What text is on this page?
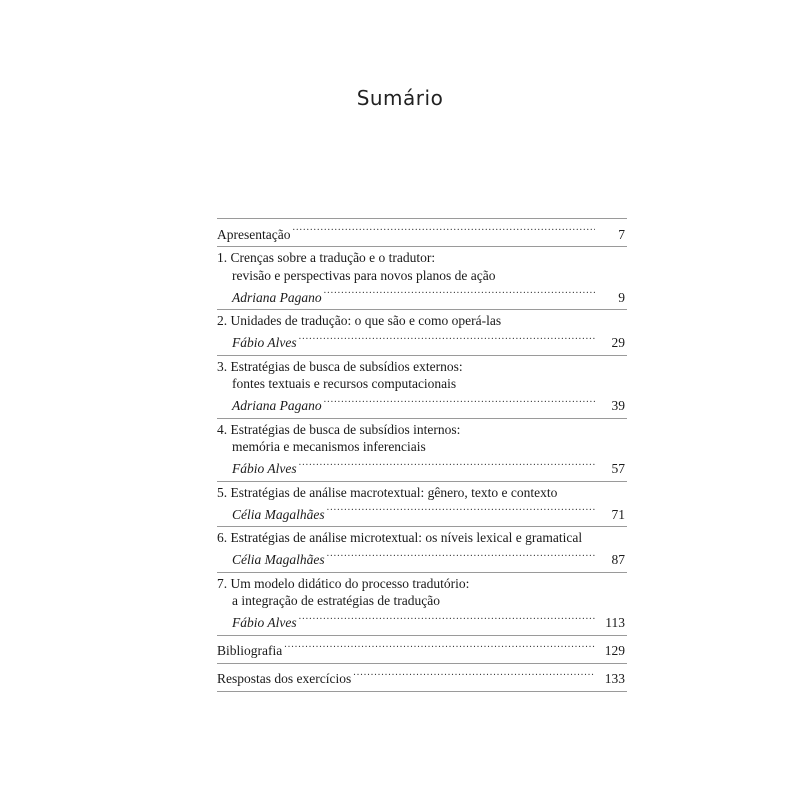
Sumário
Apresentação .....	7
1. Crenças sobre a tradução e o tradutor:
revisão e perspectivas para novos planos de ação
Adriana Pagano .....	9
2. Unidades de tradução: o que são e como operá-las
Fábio Alves .....	29
3. Estratégias de busca de subsídios externos:
fontes textuais e recursos computacionais
Adriana Pagano .....	39
4. Estratégias de busca de subsídios internos:
memória e mecanismos inferenciais
Fábio Alves .....	57
5. Estratégias de análise macrotextual: gênero, texto e contexto
Célia Magalhães .....	71
6. Estratégias de análise microtextual: os níveis lexical e gramatical
Célia Magalhães .....	87
7. Um modelo didático do processo tradutório:
a integração de estratégias de tradução
Fábio Alves .....	113
Bibliografia .....	129
Respostas dos exercícios .....	133
